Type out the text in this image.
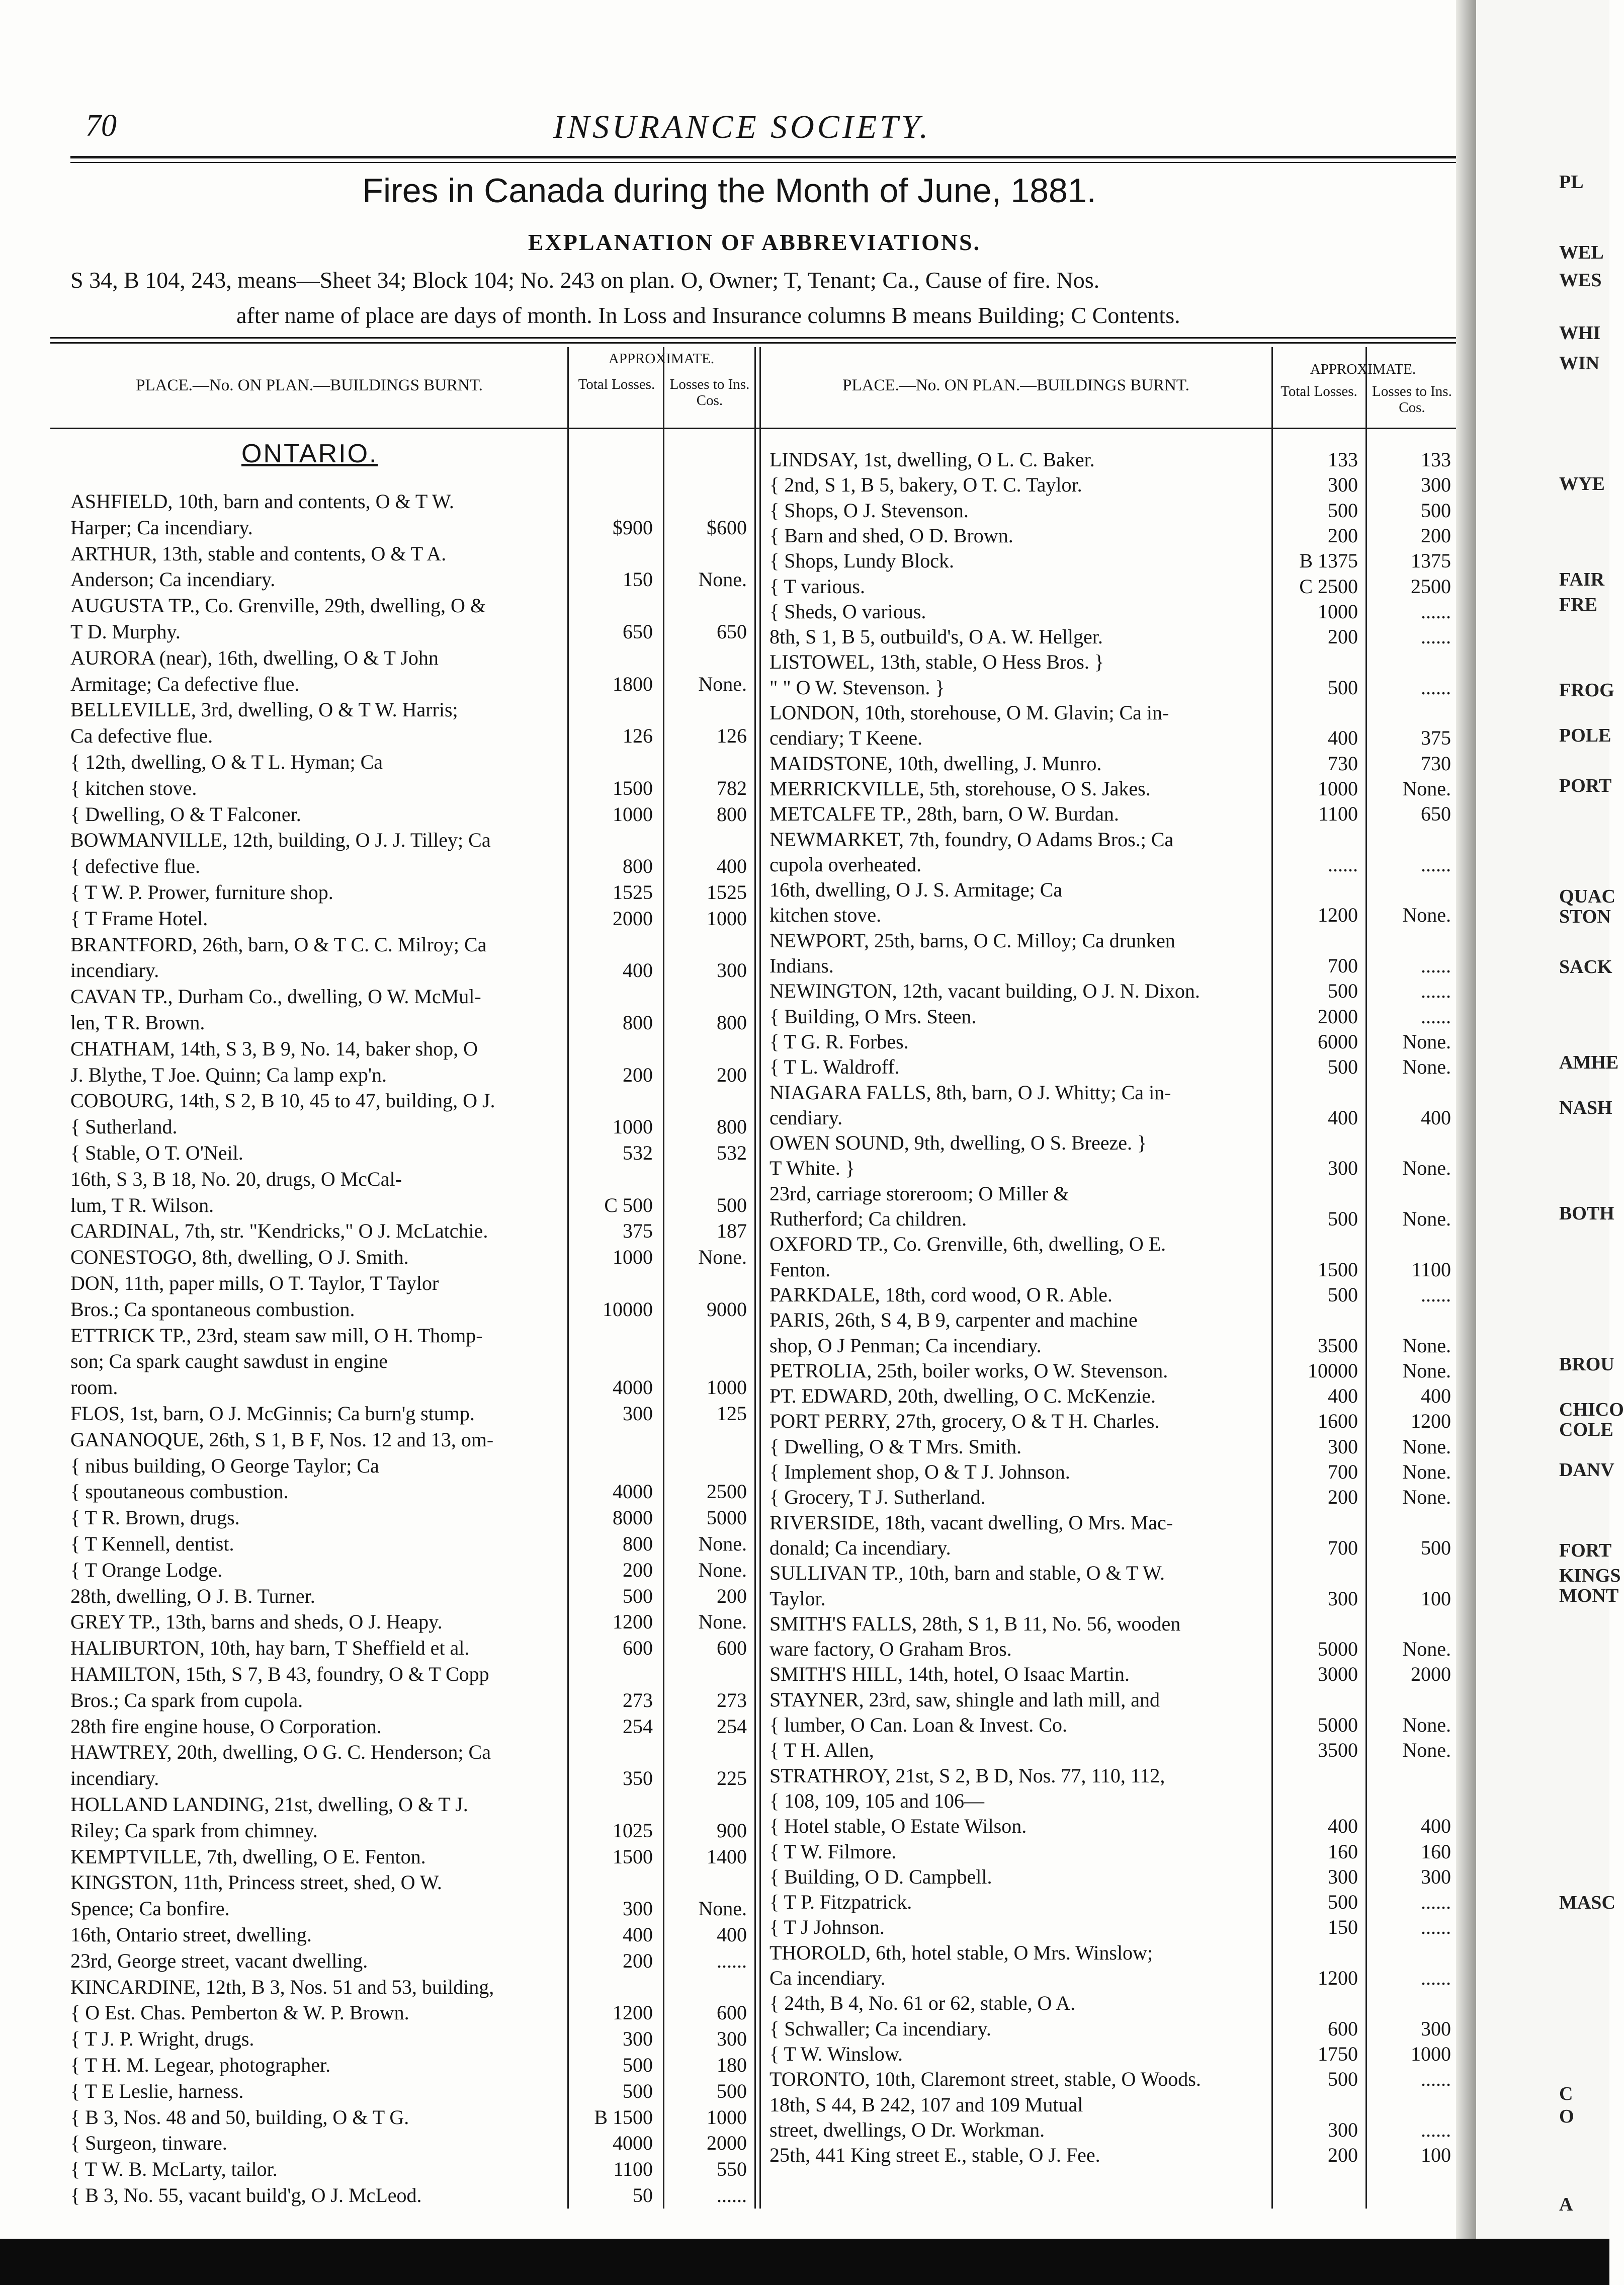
70	INSURANCE SOCIETY.
Fires in Canada during the Month of June, 1881.
EXPLANATION OF ABBREVIATIONS.
S 34, B 104, 243, means—Sheet 34; Block 104; No. 243 on plan. O, Owner; T, Tenant; Ca., Cause of fire. Nos.
after name of place are days of month. In Loss and Insurance columns B means Building; C Contents.
PLACE.—No. ON PLAN.—BUILDINGS BURNT.
APPROXIMATE.
Total Losses.	Losses to Ins. Cos.
PLACE.—No. ON PLAN.—BUILDINGS BURNT.
APPROXIMATE.
Total Losses.	Losses to Ins. Cos.
ONTARIO.
ASHFIELD, 10th, barn and contents, O & T W.
Harper; Ca incendiary.	$900	$600
ARTHUR, 13th, stable and contents, O & T A.
Anderson; Ca incendiary.	150	None.
AUGUSTA TP., Co. Grenville, 29th, dwelling, O &
T D. Murphy.	650	650
AURORA (near), 16th, dwelling, O & T John
Armitage; Ca defective flue.	1800	None.
BELLEVILLE, 3rd, dwelling, O & T W. Harris;
Ca defective flue.	126	126
{ 12th, dwelling, O & T L. Hyman; Ca
{ kitchen stove.	1500	782
{ Dwelling, O & T Falconer.	1000	800
BOWMANVILLE, 12th, building, O J. J. Tilley; Ca
{ defective flue.	800	400
{ T W. P. Prower, furniture shop.	1525	1525
{ T Frame Hotel.	2000	1000
BRANTFORD, 26th, barn, O & T C. C. Milroy; Ca
incendiary.	400	300
CAVAN TP., Durham Co., dwelling, O W. McMul-
len, T R. Brown.	800	800
CHATHAM, 14th, S 3, B 9, No. 14, baker shop, O
J. Blythe, T Joe. Quinn; Ca lamp exp'n.	200	200
COBOURG, 14th, S 2, B 10, 45 to 47, building, O J.
{ Sutherland.	1000	800
{ Stable, O T. O'Neil.	532	532
16th, S 3, B 18, No. 20, drugs, O McCal-
lum, T R. Wilson.	C 500	500
CARDINAL, 7th, str. "Kendricks," O J. McLatchie.	375	187
CONESTOGO, 8th, dwelling, O J. Smith.	1000	None.
DON, 11th, paper mills, O T. Taylor, T Taylor
Bros.; Ca spontaneous combustion.	10000	9000
ETTRICK TP., 23rd, steam saw mill, O H. Thomp-
son; Ca spark caught sawdust in engine
room.	4000	1000
FLOS, 1st, barn, O J. McGinnis; Ca burn'g stump.	300	125
GANANOQUE, 26th, S 1, B F, Nos. 12 and 13, om-
{ nibus building, O George Taylor; Ca
{ spoutaneous combustion.	4000	2500
{ T R. Brown, drugs.	8000	5000
{ T Kennell, dentist.	800	None.
{ T Orange Lodge.	200	None.
28th, dwelling, O J. B. Turner.	500	200
GREY TP., 13th, barns and sheds, O J. Heapy.	1200	None.
HALIBURTON, 10th, hay barn, T Sheffield et al.	600	600
HAMILTON, 15th, S 7, B 43, foundry, O & T Copp
Bros.; Ca spark from cupola.	273	273
28th fire engine house, O Corporation.	254	254
HAWTREY, 20th, dwelling, O G. C. Henderson; Ca
incendiary.	350	225
HOLLAND LANDING, 21st, dwelling, O & T J.
Riley; Ca spark from chimney.	1025	900
KEMPTVILLE, 7th, dwelling, O E. Fenton.	1500	1400
KINGSTON, 11th, Princess street, shed, O W.
Spence; Ca bonfire.	300	None.
16th, Ontario street, dwelling.	400	400
23rd, George street, vacant dwelling.	200	......
KINCARDINE, 12th, B 3, Nos. 51 and 53, building,
{ O Est. Chas. Pemberton & W. P. Brown.	1200	600
{ T J. P. Wright, drugs.	300	300
{ T H. M. Legear, photographer.	500	180
{ T E Leslie, harness.	500	500
{ B 3, Nos. 48 and 50, building, O & T G.	B 1500	1000
{ Surgeon, tinware.	4000	2000
{ T W. B. McLarty, tailor.	1100	550
{ B 3, No. 55, vacant build'g, O J. McLeod.	50	......
LINDSAY, 1st, dwelling, O L. C. Baker.	133	133
{ 2nd, S 1, B 5, bakery, O T. C. Taylor.	300	300
{ Shops, O J. Stevenson.	500	500
{ Barn and shed, O D. Brown.	200	200
{ Shops, Lundy Block.	B 1375	1375
{ T various.	C 2500	2500
{ Sheds, O various.	1000	......
8th, S 1, B 5, outbuild's, O A. W. Hellger.	200	......
LISTOWEL, 13th, stable, O Hess Bros. }
" " O W. Stevenson. }	500	......
LONDON, 10th, storehouse, O M. Glavin; Ca in-
cendiary; T Keene.	400	375
MAIDSTONE, 10th, dwelling, J. Munro.	730	730
MERRICKVILLE, 5th, storehouse, O S. Jakes.	1000	None.
METCALFE TP., 28th, barn, O W. Burdan.	1100	650
NEWMARKET, 7th, foundry, O Adams Bros.; Ca
cupola overheated.	......	......
16th, dwelling, O J. S. Armitage; Ca
kitchen stove.	1200	None.
NEWPORT, 25th, barns, O C. Milloy; Ca drunken
Indians.	700	......
NEWINGTON, 12th, vacant building, O J. N. Dixon.	500	......
{ Building, O Mrs. Steen.	2000	......
{ T G. R. Forbes.	6000	None.
{ T L. Waldroff.	500	None.
NIAGARA FALLS, 8th, barn, O J. Whitty; Ca in-
cendiary.	400	400
OWEN SOUND, 9th, dwelling, O S. Breeze. }
T White. }	300	None.
23rd, carriage storeroom; O Miller &
Rutherford; Ca children.	500	None.
OXFORD TP., Co. Grenville, 6th, dwelling, O E.
Fenton.	1500	1100
PARKDALE, 18th, cord wood, O R. Able.	500	......
PARIS, 26th, S 4, B 9, carpenter and machine
shop, O J Penman; Ca incendiary.	3500	None.
PETROLIA, 25th, boiler works, O W. Stevenson.	10000	None.
PT. EDWARD, 20th, dwelling, O C. McKenzie.	400	400
PORT PERRY, 27th, grocery, O & T H. Charles.	1600	1200
{ Dwelling, O & T Mrs. Smith.	300	None.
{ Implement shop, O & T J. Johnson.	700	None.
{ Grocery, T J. Sutherland.	200	None.
RIVERSIDE, 18th, vacant dwelling, O Mrs. Mac-
donald; Ca incendiary.	700	500
SULLIVAN TP., 10th, barn and stable, O & T W.
Taylor.	300	100
SMITH'S FALLS, 28th, S 1, B 11, No. 56, wooden
ware factory, O Graham Bros.	5000	None.
SMITH'S HILL, 14th, hotel, O Isaac Martin.	3000	2000
STAYNER, 23rd, saw, shingle and lath mill, and
{ lumber, O Can. Loan & Invest. Co.	5000	None.
{ T H. Allen,	3500	None.
STRATHROY, 21st, S 2, B D, Nos. 77, 110, 112,
{ 108, 109, 105 and 106—
{ Hotel stable, O Estate Wilson.	400	400
{ T W. Filmore.	160	160
{ Building, O D. Campbell.	300	300
{ T P. Fitzpatrick.	500	......
{ T J Johnson.	150	......
THOROLD, 6th, hotel stable, O Mrs. Winslow;
Ca incendiary.	1200	......
{ 24th, B 4, No. 61 or 62, stable, O A.
{ Schwaller; Ca incendiary.	600	300
{ T W. Winslow.	1750	1000
TORONTO, 10th, Claremont street, stable, O Woods.	500	......
18th, S 44, B 242, 107 and 109 Mutual
street, dwellings, O Dr. Workman.	300	......
25th, 441 King street E., stable, O J. Fee.	200	100
PL
WEL
WES
WHI
WIN
WYE
FAIR
FRE
FROG
POLE
PORT
QUAC
STON
SACK
AMHE
NASH
BOTH
BROU
CHICO
COLE
DANV
FORT
KINGS
MONT
MASC
C
O
A
